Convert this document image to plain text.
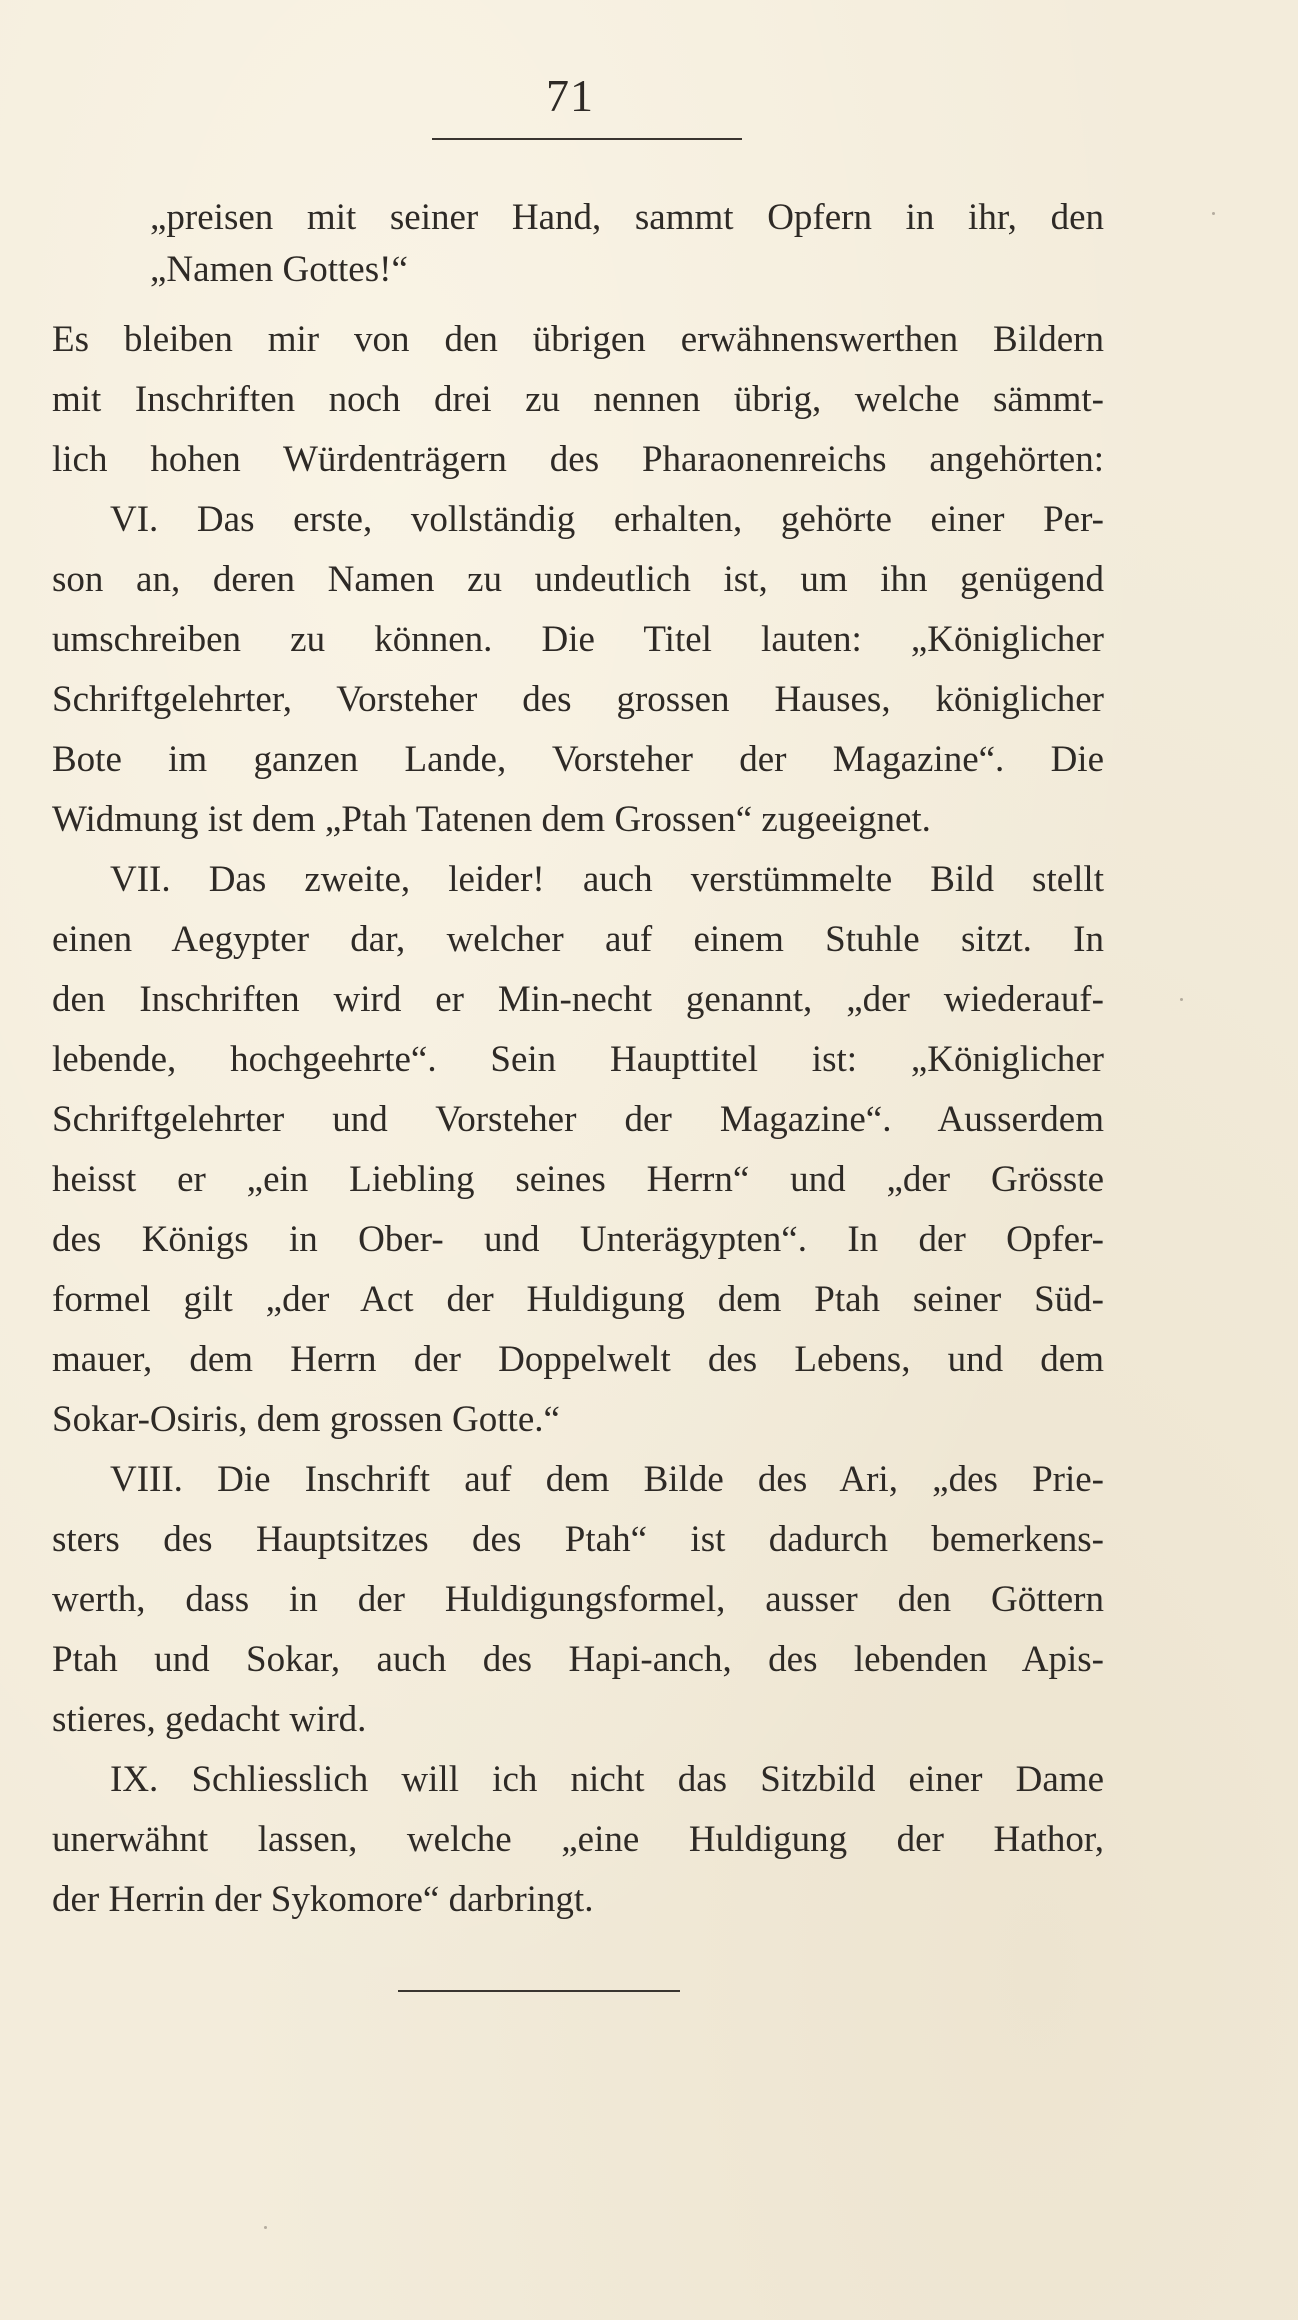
71
„preisen mit seiner Hand, sammt Opfern in ihr, den
„Namen Gottes!“
Es bleiben mir von den übrigen erwähnenswerthen Bildern
mit Inschriften noch drei zu nennen übrig, welche sämmt-
lich hohen Würdenträgern des Pharaonenreichs angehörten:
VI. Das erste, vollständig erhalten, gehörte einer Per-
son an, deren Namen zu undeutlich ist, um ihn genügend
umschreiben zu können. Die Titel lauten: „Königlicher
Schriftgelehrter, Vorsteher des grossen Hauses, königlicher
Bote im ganzen Lande, Vorsteher der Magazine“. Die
Widmung ist dem „Ptah Tatenen dem Grossen“ zugeeignet.
VII. Das zweite, leider! auch verstümmelte Bild stellt
einen Aegypter dar, welcher auf einem Stuhle sitzt. In
den Inschriften wird er Min-necht genannt, „der wiederauf-
lebende, hochgeehrte“. Sein Haupttitel ist: „Königlicher
Schriftgelehrter und Vorsteher der Magazine“. Ausserdem
heisst er „ein Liebling seines Herrn“ und „der Grösste
des Königs in Ober- und Unterägypten“. In der Opfer-
formel gilt „der Act der Huldigung dem Ptah seiner Süd-
mauer, dem Herrn der Doppelwelt des Lebens, und dem
Sokar-Osiris, dem grossen Gotte.“
VIII. Die Inschrift auf dem Bilde des Ari, „des Prie-
sters des Hauptsitzes des Ptah“ ist dadurch bemerkens-
werth, dass in der Huldigungsformel, ausser den Göttern
Ptah und Sokar, auch des Hapi-anch, des lebenden Apis-
stieres, gedacht wird.
IX. Schliesslich will ich nicht das Sitzbild einer Dame
unerwähnt lassen, welche „eine Huldigung der Hathor,
der Herrin der Sykomore“ darbringt.
